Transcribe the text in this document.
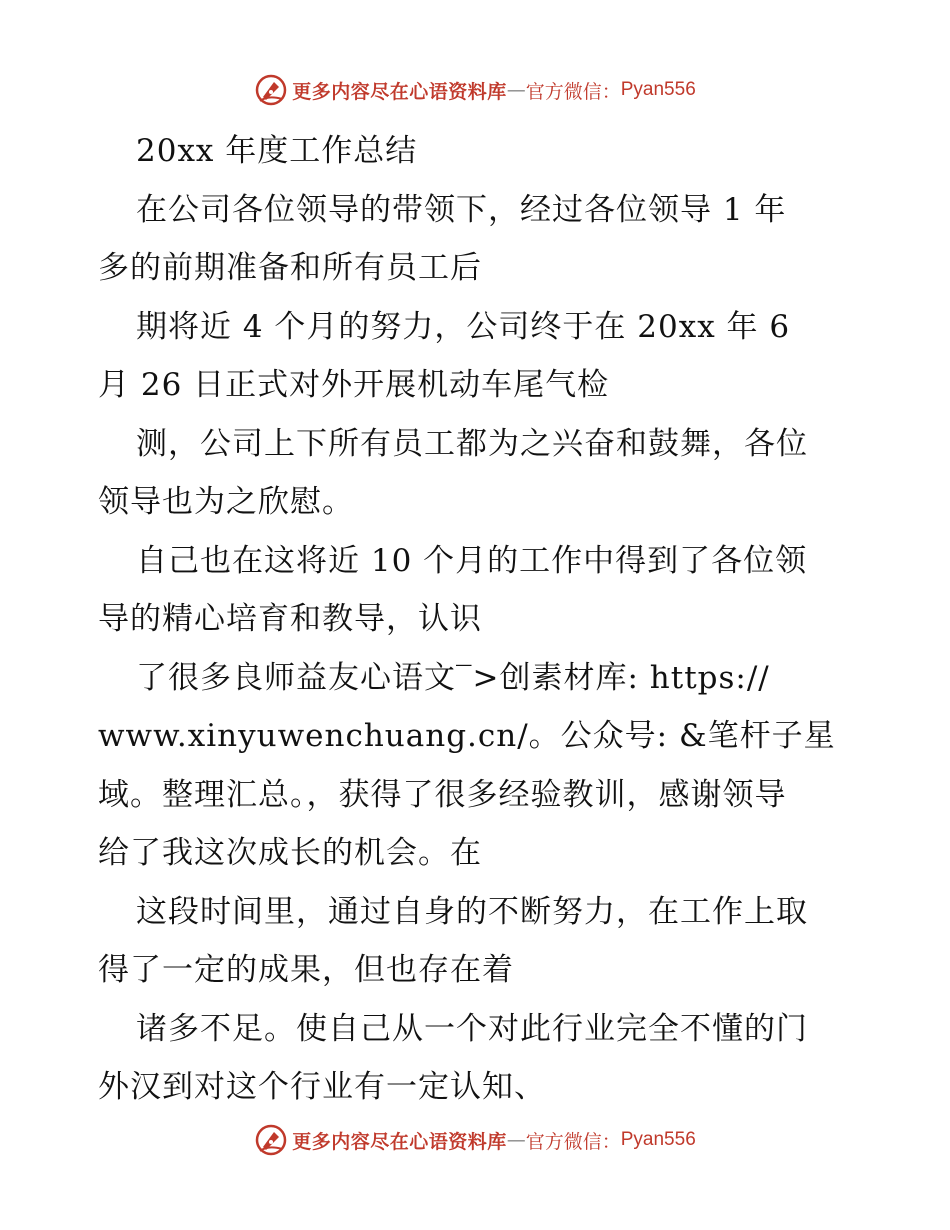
更多内容尽在心语资料库 — 官方微信： Pyan556
20xx 年度工作总结
在公司各位领导的带领下，经过各位领导 1 年
多的前期准备和所有员工后
期将近 4 个月的努力，公司终于在 20xx 年 6
月 26 日正式对外开展机动车尾气检
测，公司上下所有员工都为之兴奋和鼓舞，各位
领导也为之欣慰。
自己也在这将近 10 个月的工作中得到了各位领
导的精心培育和教导，认识
了很多良师益友心语文‾>创素材库: https://
www.xinyuwenchuang.cn/。公众号: &笔杆子星
域。整理汇总。，获得了很多经验教训，感谢领导
给了我这次成长的机会。在
这段时间里，通过自身的不断努力，在工作上取
得了一定的成果，但也存在着
诸多不足。使自己从一个对此行业完全不懂的门
外汉到对这个行业有一定认知、
更多内容尽在心语资料库 — 官方微信： Pyan556
